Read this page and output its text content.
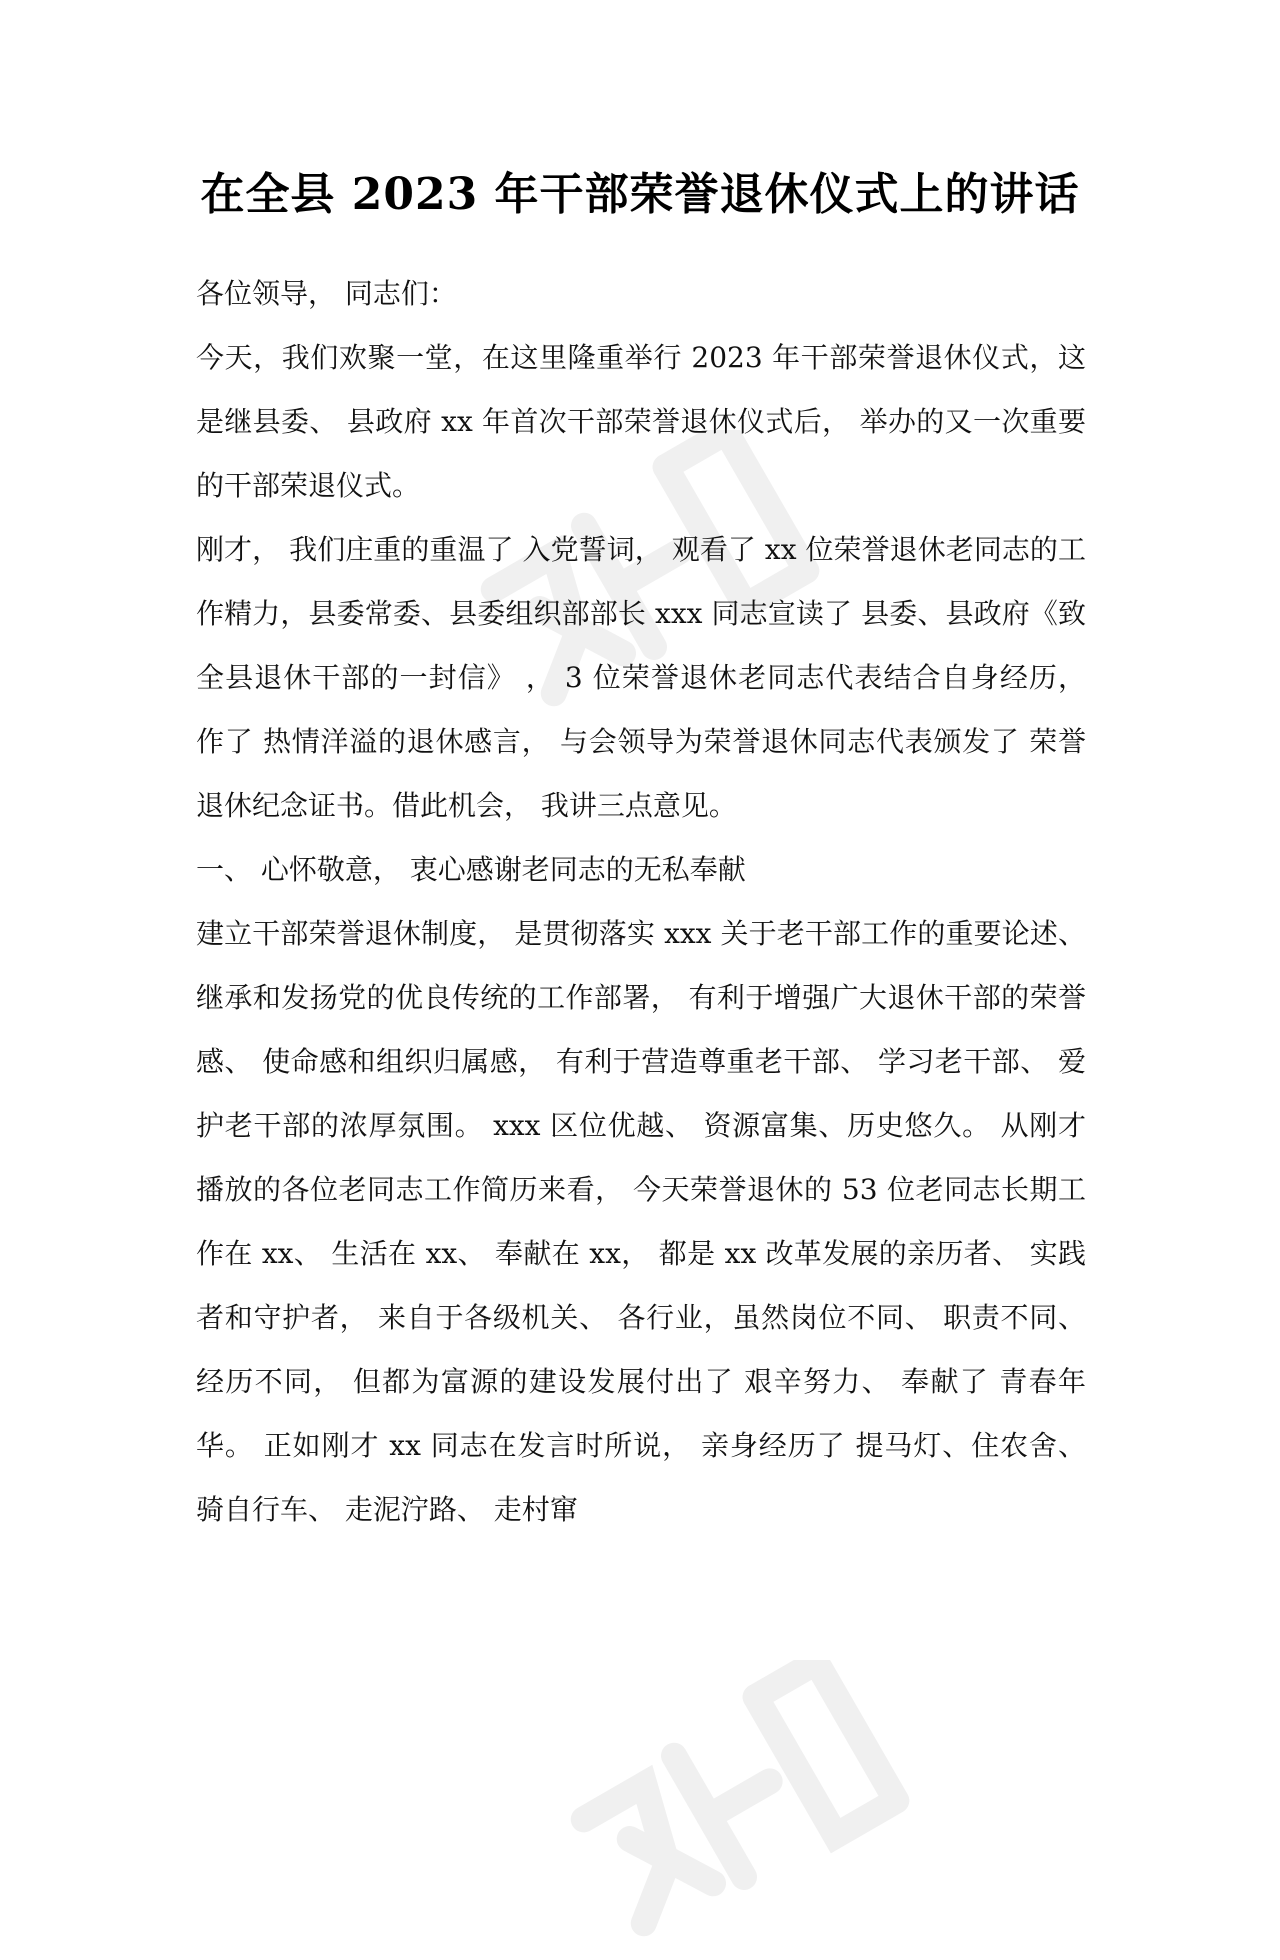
在全县 2023 年干部荣誉退休仪式上的讲话

各位领导， 同志们：

今天，我们欢聚一堂，在这里隆重举行 2023 年干部荣誉退休仪式，这是继县委、 县政府 xx 年首次干部荣誉退休仪式后， 举办的又一次重要的干部荣退仪式。

刚才， 我们庄重的重温了 入党誓词， 观看了 xx 位荣誉退休老同志的工作精力，县委常委、县委组织部部长 xxx 同志宣读了 县委、县政府《致全县退休干部的一封信》 ， 3 位荣誉退休老同志代表结合自身经历， 作了 热情洋溢的退休感言， 与会领导为荣誉退休同志代表颁发了 荣誉退休纪念证书。借此机会， 我讲三点意见。

一、 心怀敬意， 衷心感谢老同志的无私奉献

建立干部荣誉退休制度， 是贯彻落实 xxx 关于老干部工作的重要论述、 继承和发扬党的优良传统的工作部署， 有利于增强广大退休干部的荣誉感、 使命感和组织归属感， 有利于营造尊重老干部、 学习老干部、 爱护老干部的浓厚氛围。 xxx 区位优越、 资源富集、历史悠久。 从刚才播放的各位老同志工作简历来看， 今天荣誉退休的 53 位老同志长期工作在 xx、 生活在 xx、 奉献在 xx， 都是 xx 改革发展的亲历者、 实践者和守护者， 来自于各级机关、 各行业，虽然岗位不同、 职责不同、 经历不同， 但都为富源的建设发展付出了 艰辛努力、 奉献了 青春年华。 正如刚才 xx 同志在发言时所说， 亲身经历了 提马灯、住农舍、 骑自行车、 走泥泞路、 走村窜
